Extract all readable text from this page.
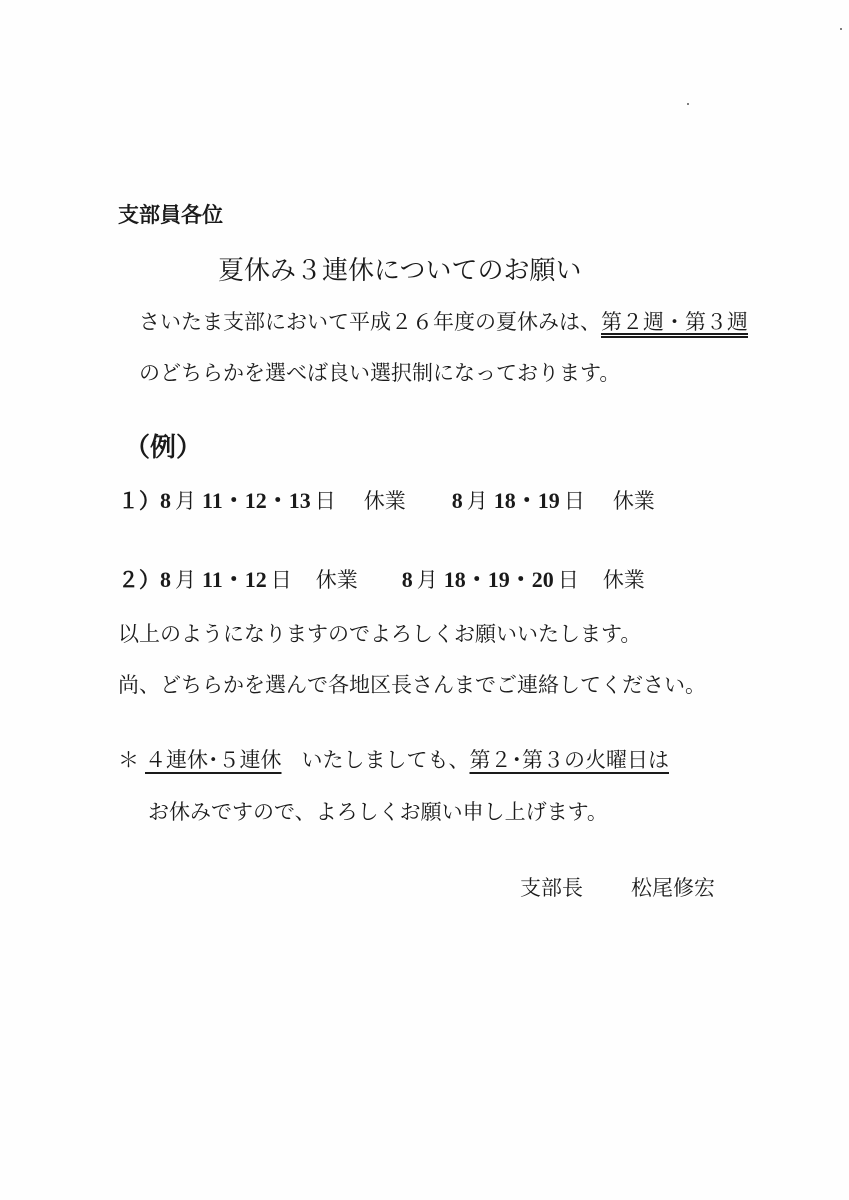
支部員各位
夏休み３連休についてのお願い
さいたま支部において平成２６年度の夏休みは、第２週・第３週
のどちらかを選べば良い選択制になっております。
（例）
１）8 月 11・12・13 日 休業 8 月 18・19 日 休業
２）8 月 11・12 日 休業 8 月 18・19・20 日 休業
以上のようになりますのでよろしくお願いいたします。
尚、どちらかを選んで各地区長さんまでご連絡してください。
＊ ４連休･５連休 いたしましても、第２･第３の火曜日は
お休みですので、よろしくお願い申し上げます。
支部長 松尾修宏
